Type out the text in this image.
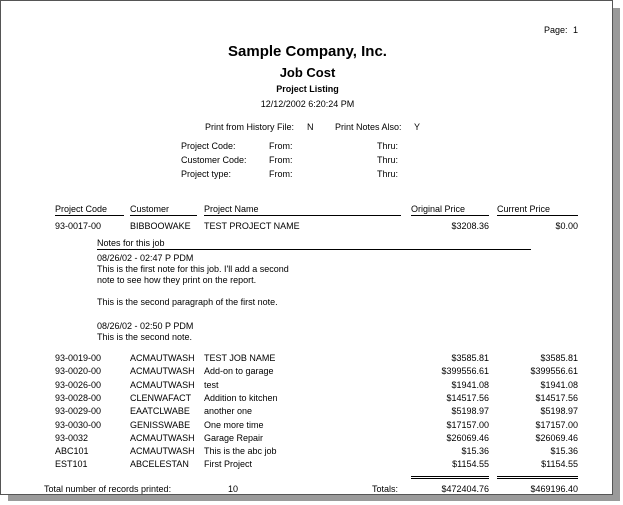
Page: 1
Sample Company, Inc.
Job Cost
Project Listing
12/12/2002 6:20:24 PM
Print from History File: N Print Notes Also: Y
Project Code:	From:	Thru:
Customer Code: From:	Thru:
Project type:	From:	Thru:
Project Code	Customer	Project Name	Original Price	Current Price
93-0017-00	BIBBOOWAKE	TEST PROJECT NAME	$3208.36	$0.00
Notes for this job
08/26/02 - 02:47 P PDM
This is the first note for this job. I'll add a second
note to see how they print on the report.
This is the second paragraph of the first note.
08/26/02 - 02:50 P PDM
This is the second note.
93-0019-00	ACMAUTWASH	TEST JOB NAME	$3585.81	$3585.81
93-0020-00	ACMAUTWASH	Add-on to garage	$399556.61	$399556.61
93-0026-00	ACMAUTWASH	test	$1941.08	$1941.08
93-0028-00	CLENWAFACT	Addition to kitchen	$14517.56	$14517.56
93-0029-00	EAATCLWABE	another one	$5198.97	$5198.97
93-0030-00	GENISSWABE	One more time	$17157.00	$17157.00
93-0032	ACMAUTWASH	Garage Repair	$26069.46	$26069.46
ABC101	ACMAUTWASH	This is the abc job	$15.36	$15.36
EST101	ABCELESTAN	First Project	$1154.55	$1154.55
Total number of records printed:	10	Totals:	$472404.76	$469196.40
